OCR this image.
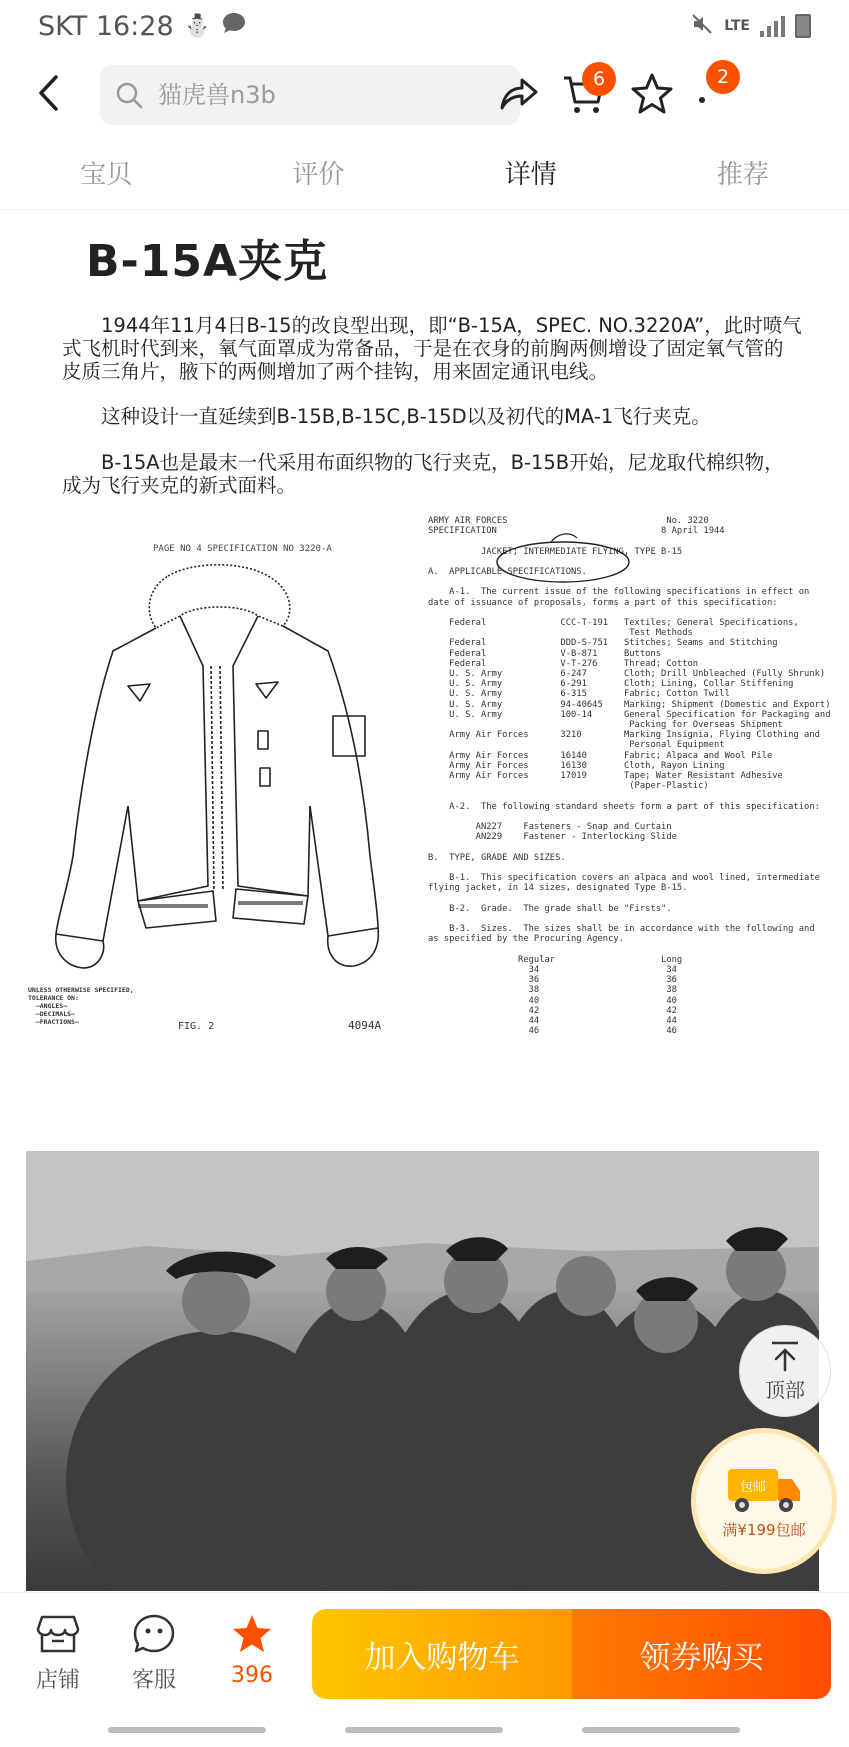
SKT 16:28 ⛄	LTE
猫虎兽n3b
6	2
宝贝	评价	详情	推荐
B-15A夹克
1944年11月4日B-15的改良型出现，即“B-15A，SPEC. NO.3220A”，此时喷气式飞机时代到来，氧气面罩成为常备品，于是在衣身的前胸两侧增设了固定氧气管的皮质三角片，腋下的两侧增加了两个挂钩，用来固定通讯电线。
这种设计一直延续到B-15B,B-15C,B-15D以及初代的MA-1飞行夹克。
B-15A也是最末一代采用布面织物的飞行夹克，B-15B开始，尼龙取代棉织物，成为飞行夹克的新式面料。
PAGE NO 4 SPECIFICATION NO 3220-A
UNLESS OTHERWISE SPECIFIED,
TOLERANCE ON:
—ANGLES—
—DECIMALS—
—FRACTIONS—	FIG. 2	4094A
ARMY AIR FORCES                              No. 3220
SPECIFICATION                               8 April 1944

JACKET; INTERMEDIATE FLYING, TYPE B-15

A.  APPLICABLE SPECIFICATIONS.

A-1.  The current issue of the following specifications in effect on
date of issuance of proposals, forms a part of this specification:

Federal              CCC-T-191   Textiles; General Specifications,
Test Methods
Federal              DDD-S-751   Stitches; Seams and Stitching
Federal              V-B-871     Buttons
Federal              V-T-276     Thread; Cotton
U. S. Army           6-247       Cloth; Drill Unbleached (Fully Shrunk)
U. S. Army           6-291       Cloth; Lining, Collar Stiffening
U. S. Army           6-315       Fabric; Cotton Twill
U. S. Army           94-40645    Marking; Shipment (Domestic and Export)
U. S. Army           100-14      General Specification for Packaging and
Packing for Overseas Shipment
Army Air Forces      3210        Marking Insignia, Flying Clothing and
Personal Equipment
Army Air Forces      16140       Fabric; Alpaca and Wool Pile
Army Air Forces      16130       Cloth, Rayon Lining
Army Air Forces      17019       Tape; Water Resistant Adhesive
(Paper-Plastic)

A-2.  The following standard sheets form a part of this specification:

AN227    Fasteners - Snap and Curtain
AN229    Fastener - Interlocking Slide

B.  TYPE, GRADE AND SIZES.

B-1.  This specification covers an alpaca and wool lined, intermediate
flying jacket, in 14 sizes, designated Type B-15.

B-2.  Grade.  The grade shall be "Firsts".

B-3.  Sizes.  The sizes shall be in accordance with the following and
as specified by the Procuring Agency.

Regular                    Long
34                        34
36                        36
38                        38
40                        40
42                        42
44                        44
46                        46
顶部
包邮
满¥199包邮
店铺	客服	396	加入购物车	领券购买
